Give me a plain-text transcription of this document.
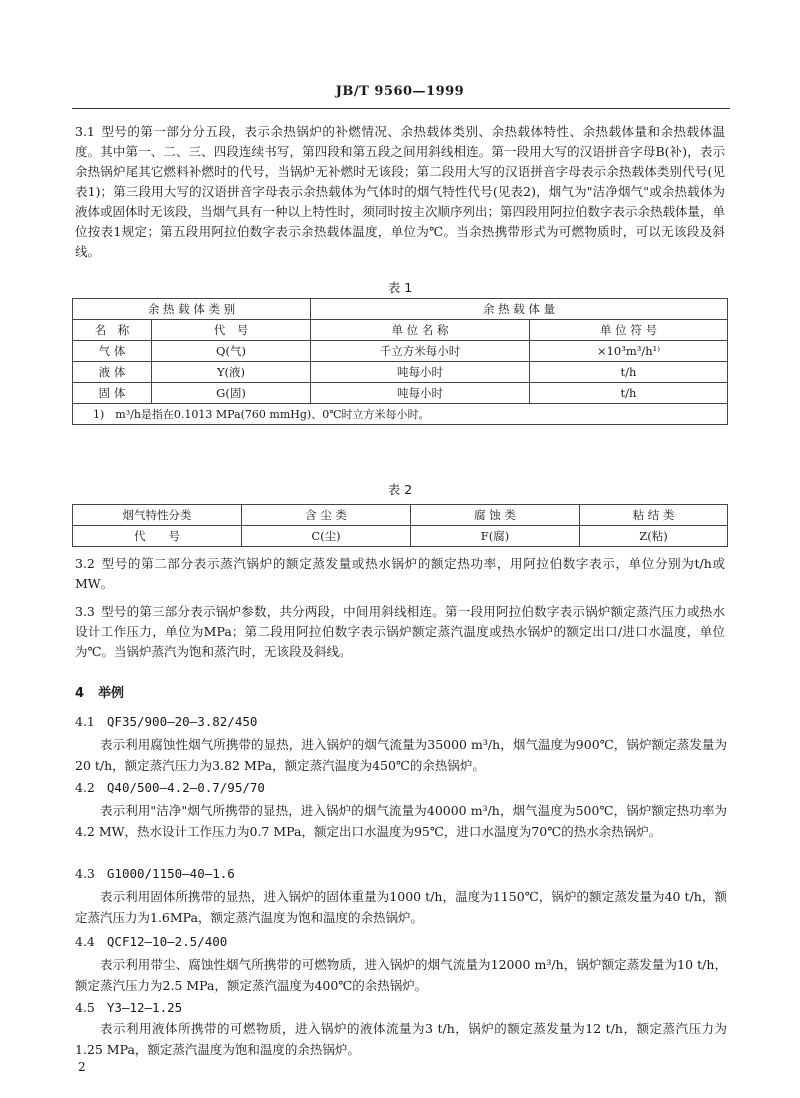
JB/T 9560—1999
3.1 型号的第一部分分五段，表示余热锅炉的补燃情况、余热载体类别、余热载体特性、余热载体量和余热载体温度。其中第一、二、三、四段连续书写，第四段和第五段之间用斜线相连。第一段用大写的汉语拼音字母B(补)，表示余热锅炉尾其它燃料补燃时的代号，当锅炉无补燃时无该段；第二段用大写的汉语拼音字母表示余热载体类别代号(见表1)；第三段用大写的汉语拼音字母表示余热载体为气体时的烟气特性代号(见表2)，烟气为"洁净烟气"或余热载体为液体或固体时无该段，当烟气具有一种以上特性时，须同时按主次顺序列出；第四段用阿拉伯数字表示余热载体量，单位按表1规定；第五段用阿拉伯数字表示余热载体温度，单位为℃。当余热携带形式为可燃物质时，可以无该段及斜线。
表 1
余 热 载 体 类 别		余 热 载 体 量	
名　称	代　号	单 位 名 称	单 位 符 号
气 体	Q(气)	千立方米每小时	×10³m³/h¹⁾
液 体	Y(液)	吨每小时	t/h
固 体	G(固)	吨每小时	t/h
1)　m³/h是指在0.1013 MPa(760 mmHg)、0℃时立方米每小时。			
表 2
烟气特性分类	含 尘 类	腐 蚀 类	粘 结 类
代　　号	C(尘)	F(腐)	Z(粘)
3.2 型号的第二部分表示蒸汽锅炉的额定蒸发量或热水锅炉的额定热功率，用阿拉伯数字表示，单位分别为t/h或MW。
3.3 型号的第三部分表示锅炉参数，共分两段，中间用斜线相连。第一段用阿拉伯数字表示锅炉额定蒸汽压力或热水设计工作压力，单位为MPa；第二段用阿拉伯数字表示锅炉额定蒸汽温度或热水锅炉的额定出口/进口水温度，单位为℃。当锅炉蒸汽为饱和蒸汽时，无该段及斜线。
4 举例
4.1 QF35/900—20—3.82/450
表示利用腐蚀性烟气所携带的显热，进入锅炉的烟气流量为35000 m³/h，烟气温度为900℃，锅炉额定蒸发量为20 t/h，额定蒸汽压力为3.82 MPa，额定蒸汽温度为450℃的余热锅炉。
4.2 Q40/500—4.2—0.7/95/70
表示利用"洁净"烟气所携带的显热，进入锅炉的烟气流量为40000 m³/h，烟气温度为500℃，锅炉额定热功率为4.2 MW，热水设计工作压力为0.7 MPa，额定出口水温度为95℃，进口水温度为70℃的热水余热锅炉。
4.3 G1000/1150—40—1.6
表示利用固体所携带的显热，进入锅炉的固体重量为1000 t/h，温度为1150℃，锅炉的额定蒸发量为40 t/h，额定蒸汽压力为1.6MPa，额定蒸汽温度为饱和温度的余热锅炉。
4.4 QCF12—10—2.5/400
表示利用带尘、腐蚀性烟气所携带的可燃物质，进入锅炉的烟气流量为12000 m³/h，锅炉额定蒸发量为10 t/h，额定蒸汽压力为2.5 MPa，额定蒸汽温度为400℃的余热锅炉。
4.5 Y3—12—1.25
表示利用液体所携带的可燃物质，进入锅炉的液体流量为3 t/h，锅炉的额定蒸发量为12 t/h，额定蒸汽压力为1.25 MPa，额定蒸汽温度为饱和温度的余热锅炉。
2
